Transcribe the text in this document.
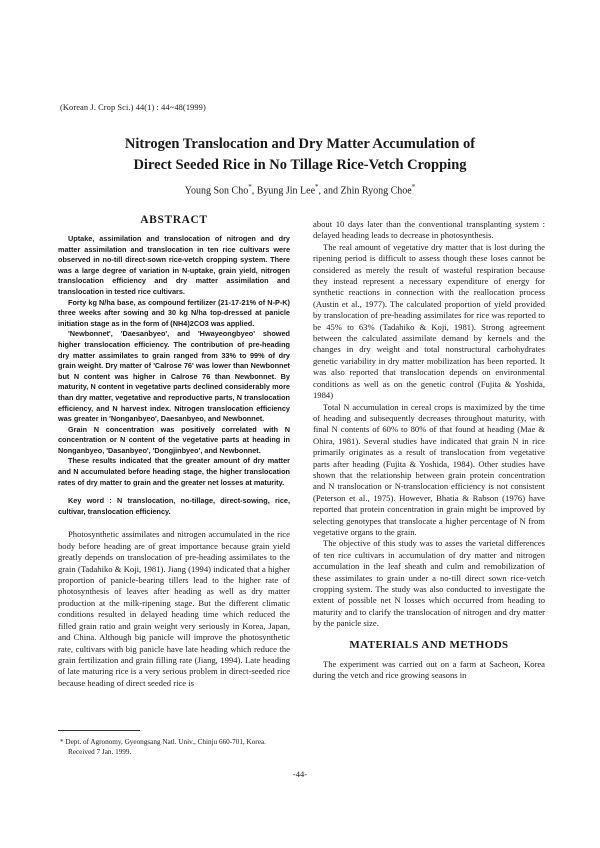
(Korean J. Crop Sci.) 44(1) : 44~48(1999)
Nitrogen Translocation and Dry Matter Accumulation of
Direct Seeded Rice in No Tillage Rice-Vetch Cropping
Young Son Cho*, Byung Jin Lee*, and Zhin Ryong Choe*
ABSTRACT

Uptake, assimilation and translocation of nitrogen and dry matter assimilation and translocation in ten rice cultivars were observed in no-till direct-sown rice-vetch cropping system. There was a large degree of variation in N-uptake, grain yield, nitrogen translocation efficiency and dry matter assimilation and translocation in tested rice cultivars.

Forty kg N/ha base, as compound fertilizer (21-17-21% of N-P-K) three weeks after sowing and 30 kg N/ha top-dressed at panicle initiation stage as in the form of (NH4)2CO3 was applied.

'Newbonnet', 'Daesanbyeo', and 'Hwayeongbyeo' showed higher translocation efficiency. The contribution of pre-heading dry matter assimilates to grain ranged from 33% to 99% of dry grain weight. Dry matter of 'Calrose 76' was lower than Newbonnet but N content was higher in Calrose 76 than Newbonnet. By maturity, N content in vegetative parts declined considerably more than dry matter, vegetative and reproductive parts, N translocation efficiency, and N harvest index. Nitrogen translocation efficiency was greater in 'Nonganbyeo', Daesanbyeo, and Newbonnet.

Grain N concentration was positively correlated with N concentration or N content of the vegetative parts at heading in Nonganbyeo, 'Dasanbyeo', 'Dongjinbyeo', and Newbonnet.

These results indicated that the greater amount of dry matter and N accumulated before heading stage, the higher translocation rates of dry matter to grain and the greater net losses at maturity.

Key word : N translocation, no-tillage, direct-sowing, rice, cultivar, translocation efficiency.

Photosynthetic assimilates and nitrogen accumulated in the rice body before heading are of great importance because grain yield greatly depends on translocation of pre-heading assimilates to the grain (Tadahiko & Koji, 1981). Jiang (1994) indicated that a higher proportion of panicle-bearing tillers lead to the higher rate of photosynthesis of leaves after heading as well as dry matter production at the milk-ripening stage. But the different climatic conditions resulted in delayed heading time which reduced the filled grain ratio and grain weight very seriously in Korea, Japan, and China. Although big panicle will improve the photosynthetic rate, cultivars with big panicle have late heading which reduce the grain fertilization and grain filling rate (Jiang, 1994). Late heading of late maturing rice is a very serious problem in direct-seeded rice because heading of direct seeded rice is

about 10 days later than the conventional transplanting system : delayed heading leads to decrease in photosynthesis.

The real amount of vegetative dry matter that is lost during the ripening period is difficult to assess though these loses cannot be considered as merely the result of wasteful respiration because they instead represent a necessary expenditure of energy for synthetic reactions in connection with the reallocation process (Austin et al., 1977). The calculated proportion of yield provided by translocation of pre-heading assimilates for rice was reported to be 45% to 63% (Tadahiko & Koji, 1981). Strong agreement between the calculated assimilate demand by kernels and the changes in dry weight and total nonstructural carbohydrates genetic variability in dry matter mobilization has been reported. It was also reported that translocation depends on environmental conditions as well as on the genetic control (Fujita & Yoshida, 1984)

Total N accumulation in cereal crops is maximized by the time of heading and subsequently decreases throughout maturity, with final N contents of 60% to 80% of that found at heading (Mae & Ohira, 1981). Several studies have indicated that grain N in rice primarily originates as a result of translocation from vegetative parts after heading (Fujita & Yoshida, 1984). Other studies have shown that the relationship between grain protein concentration and N translocation or N-translocation efficiency is not consistent (Peterson et al., 1975). However, Bhatia & Rabson (1976) have reported that protein concentration in grain might be improved by selecting genotypes that translocate a higher percentage of N from vegetative organs to the grain.

The objective of this study was to asses the varietal differences of ten rice cultivars in accumulation of dry matter and nitrogen accumulation in the leaf sheath and culm and remobilization of these assimilates to grain under a no-till direct sown rice-vetch cropping system. The study was also conducted to investigate the extent of possible net N losses which occurred from heading to maturity and to clarify the translocation of nitrogen and dry matter by the panicle size.

MATERIALS AND METHODS

The experiment was carried out on a farm at Sacheon, Korea during the vetch and rice growing seasons in

* Dept. of Agronomy, Gyeongsang Natl. Univ., Chinju 660-701, Korea.
Received 7 Jan. 1999.
-44-
